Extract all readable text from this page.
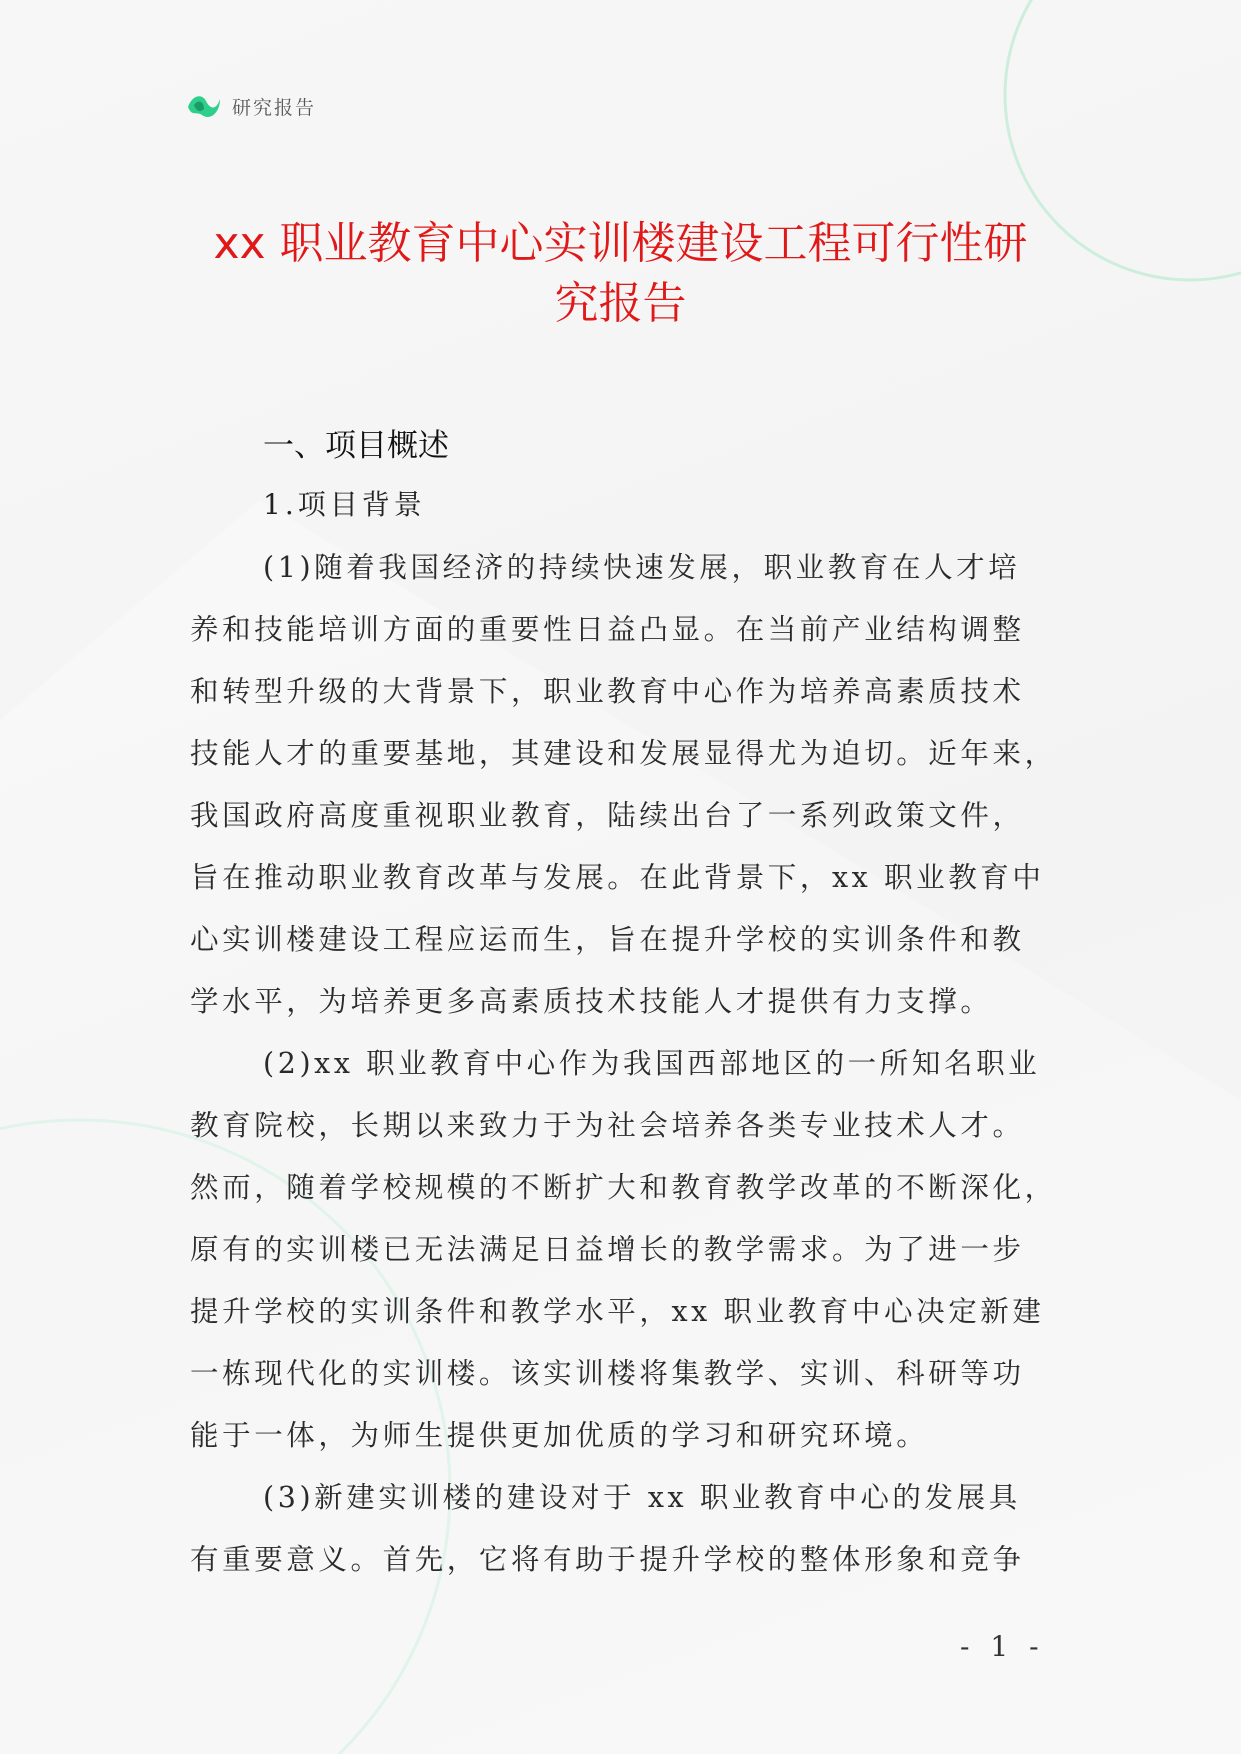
研究报告
xx 职业教育中心实训楼建设工程可行性研
究报告
一、项目概述
1.项目背景
(1)随着我国经济的持续快速发展，职业教育在人才培
养和技能培训方面的重要性日益凸显。在当前产业结构调整
和转型升级的大背景下，职业教育中心作为培养高素质技术
技能人才的重要基地，其建设和发展显得尤为迫切。近年来，
我国政府高度重视职业教育，陆续出台了一系列政策文件，
旨在推动职业教育改革与发展。在此背景下，xx 职业教育中
心实训楼建设工程应运而生，旨在提升学校的实训条件和教
学水平，为培养更多高素质技术技能人才提供有力支撑。
(2)xx 职业教育中心作为我国西部地区的一所知名职业
教育院校，长期以来致力于为社会培养各类专业技术人才。
然而，随着学校规模的不断扩大和教育教学改革的不断深化，
原有的实训楼已无法满足日益增长的教学需求。为了进一步
提升学校的实训条件和教学水平，xx 职业教育中心决定新建
一栋现代化的实训楼。该实训楼将集教学、实训、科研等功
能于一体，为师生提供更加优质的学习和研究环境。
(3)新建实训楼的建设对于 xx 职业教育中心的发展具
有重要意义。首先，它将有助于提升学校的整体形象和竞争
- 1 -
